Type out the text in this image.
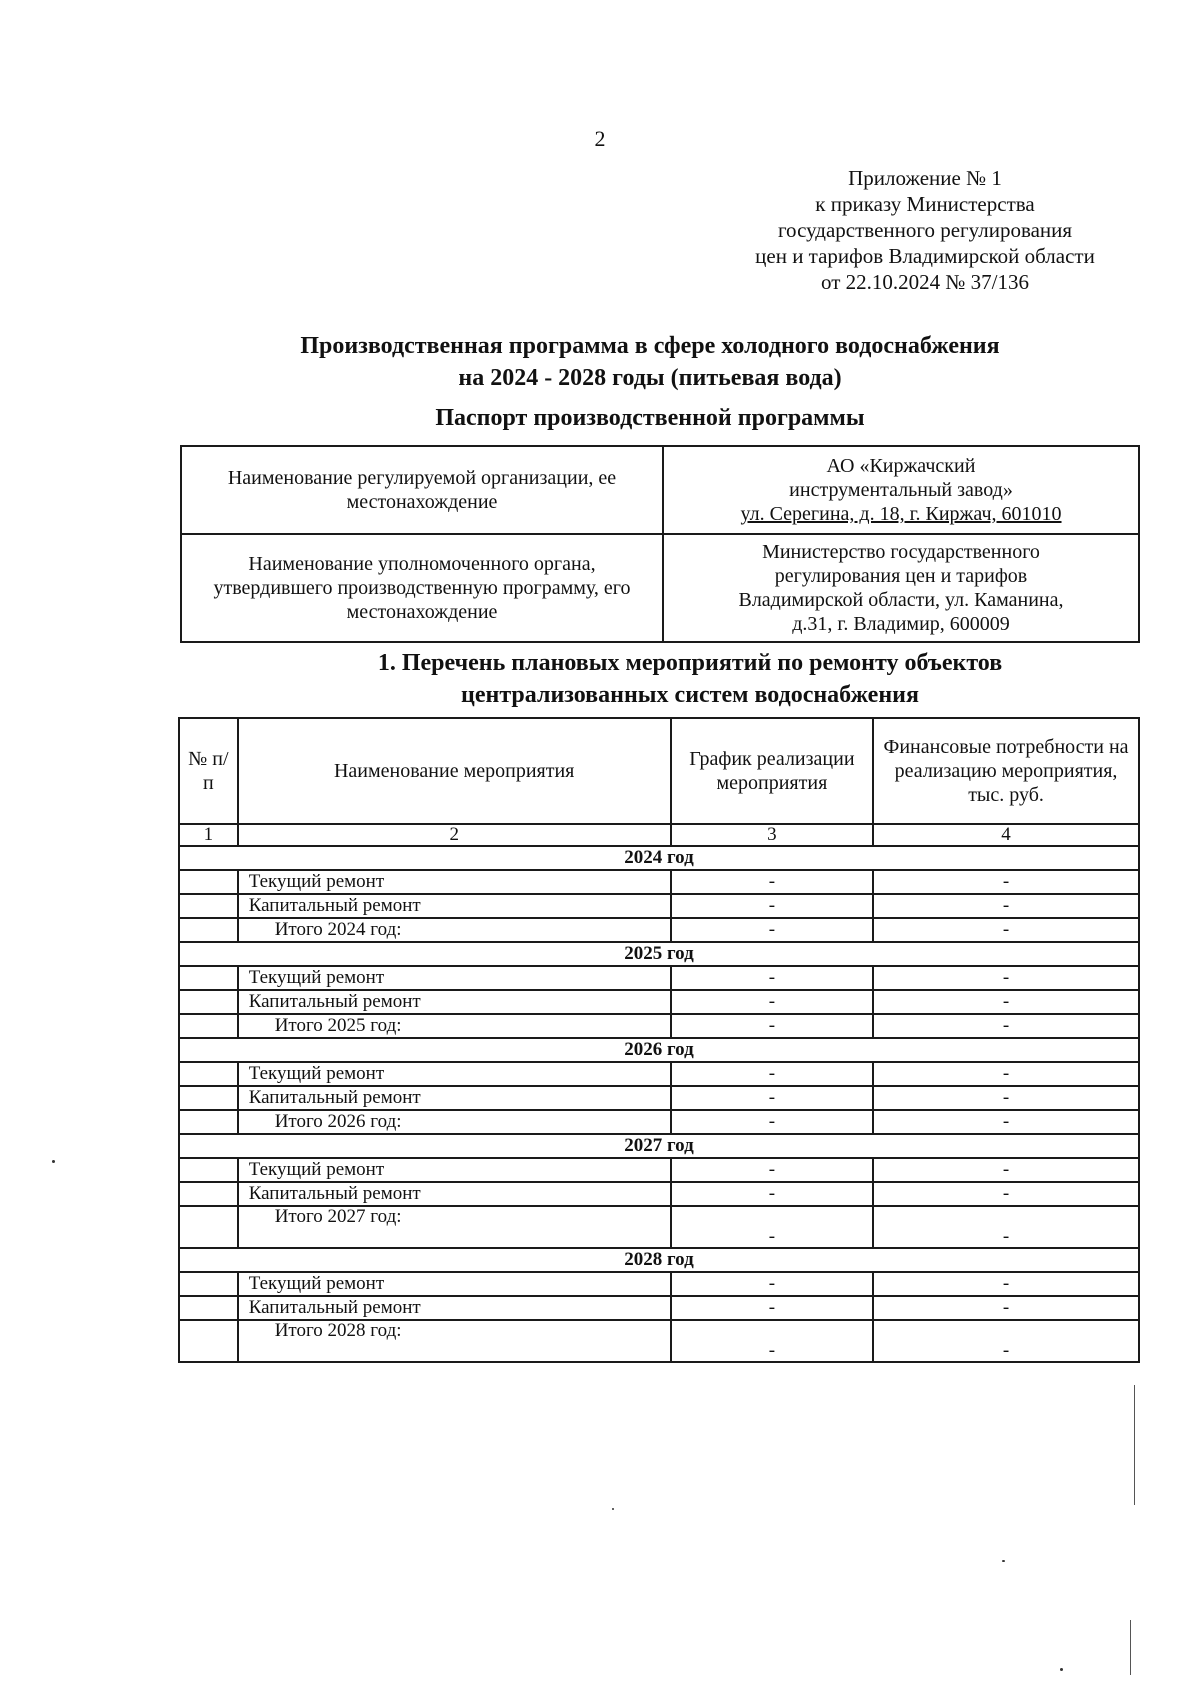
2
Приложение № 1
к приказу Министерства
государственного регулирования
цен и тарифов Владимирской области
от 22.10.2024 № 37/136
Производственная программа в сфере холодного водоснабжения
на 2024 - 2028 годы (питьевая вода)
Паспорт производственной программы
Наименование регулируемой организации, ее местонахождение	АО «Киржачский
инструментальный завод»
ул. Серегина, д. 18, г. Киржач, 601010

Наименование уполномоченного органа, утвердившего производственную программу, его местонахождение	Министерство государственного
регулирования цен и тарифов
Владимирской области, ул. Каманина,
д.31, г. Владимир, 600009
1. Перечень плановых мероприятий по ремонту объектов
централизованных систем водоснабжения
№ п/п	Наименование мероприятия	График реализации мероприятия	Финансовые потребности на реализацию мероприятия, тыс. руб.
1	2	3	4
2024 год			
	Текущий ремонт	-	-
	Капитальный ремонт	-	-
	Итого 2024 год:	-	-
2025 год			
	Текущий ремонт	-	-
	Капитальный ремонт	-	-
	Итого 2025 год:	-	-
2026 год			
	Текущий ремонт	-	-
	Капитальный ремонт	-	-
	Итого 2026 год:	-	-
2027 год			
	Текущий ремонт	-	-
	Капитальный ремонт	-	-
	Итого 2027 год:	-	-
2028 год			
	Текущий ремонт	-	-
	Капитальный ремонт	-	-
	Итого 2028 год:	-	-
